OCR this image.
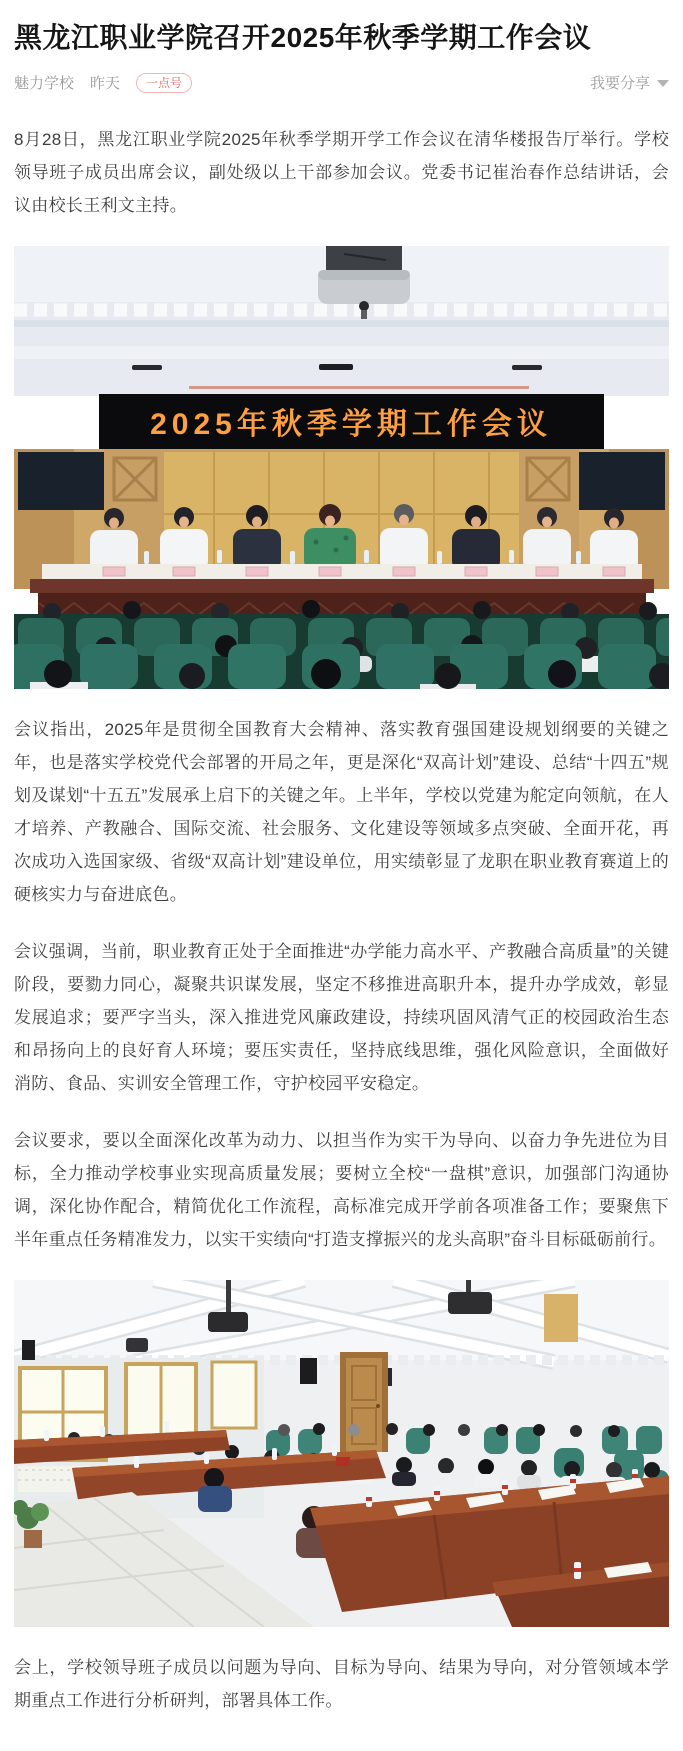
黑龙江职业学院召开2025年秋季学期工作会议
魅力学校 昨天	一点号	我要分享

8月28日，黑龙江职业学院2025年秋季学期开学工作会议在清华楼报告厅举行。学校领导班子成员出席会议，副处级以上干部参加会议。党委书记崔治春作总结讲话，会议由校长王利文主持。

2025年秋季学期工作会议

会议指出，2025年是贯彻全国教育大会精神、落实教育强国建设规划纲要的关键之年，也是落实学校党代会部署的开局之年，更是深化“双高计划”建设、总结“十四五”规划及谋划“十五五”发展承上启下的关键之年。上半年，学校以党建为舵定向领航，在人才培养、产教融合、国际交流、社会服务、文化建设等领域多点突破、全面开花，再次成功入选国家级、省级“双高计划”建设单位，用实绩彰显了龙职在职业教育赛道上的硬核实力与奋进底色。

会议强调，当前，职业教育正处于全面推进“办学能力高水平、产教融合高质量”的关键阶段，要勠力同心，凝聚共识谋发展，坚定不移推进高职升本，提升办学成效，彰显发展追求；要严字当头，深入推进党风廉政建设，持续巩固风清气正的校园政治生态和昂扬向上的良好育人环境；要压实责任，坚持底线思维，强化风险意识，全面做好消防、食品、实训安全管理工作，守护校园平安稳定。

会议要求，要以全面深化改革为动力、以担当作为实干为导向、以奋力争先进位为目标，全力推动学校事业实现高质量发展；要树立全校“一盘棋”意识，加强部门沟通协调，深化协作配合，精简优化工作流程，高标准完成开学前各项准备工作；要聚焦下半年重点任务精准发力，以实干实绩向“打造支撑振兴的龙头高职”奋斗目标砥砺前行。

会上，学校领导班子成员以问题为导向、目标为导向、结果为导向，对分管领域本学期重点工作进行分析研判，部署具体工作。
